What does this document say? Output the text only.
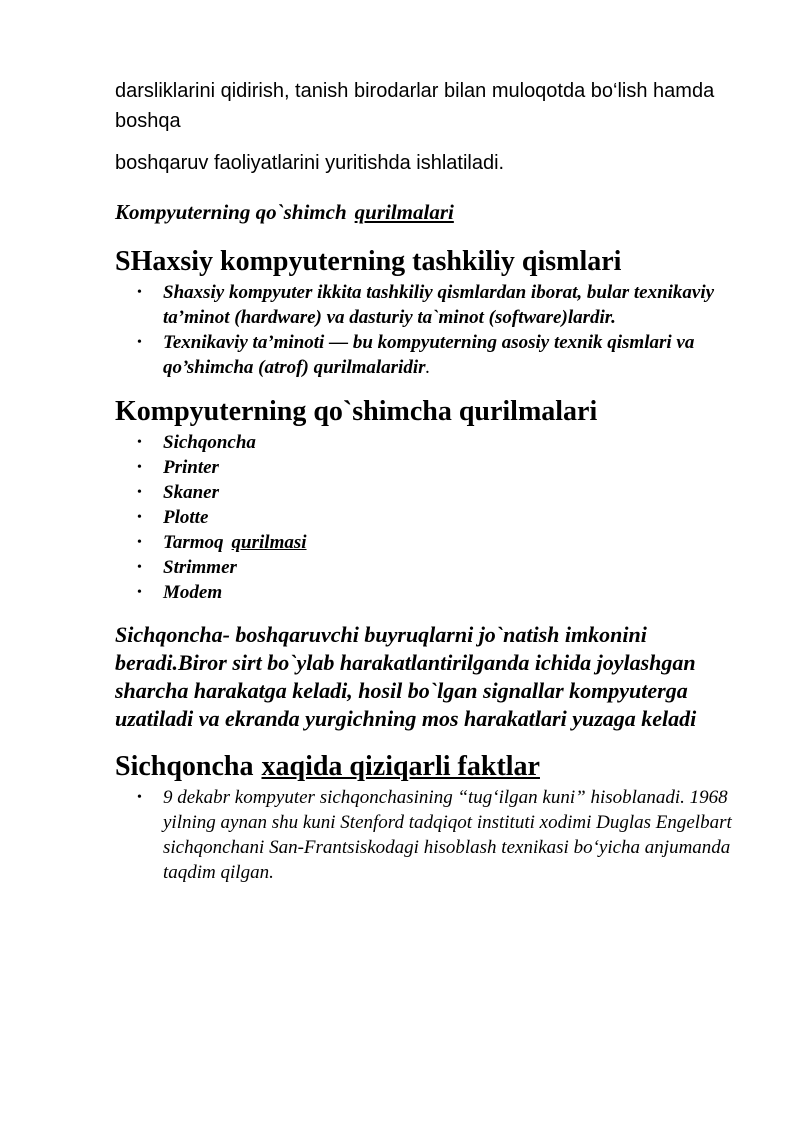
darsliklarini qidirish, tanish birodarlar bilan muloqotda bo‘lish hamda boshqa

boshqaruv faoliyatlarini yuritishda ishlatiladi.

Kompyuterning qo`shimch qurilmalari

SHaxsiy kompyuterning tashkiliy qismlari
• Shaxsiy kompyuter ikkita tashkiliy qismlardan iborat, bular texnikaviy ta’minot (hardware) va dasturiy ta`minot (software)lardir.
• Texnikaviy ta’minoti — bu kompyuterning asosiy texnik qismlari va qo’shimcha (atrof) qurilmalaridir.
Kompyuterning qo`shimcha qurilmalari
• Sichqoncha
• Printer
• Skaner
• Plotte
• Tarmoq qurilmasi
• Strimmer
• Modem

Sichqoncha- boshqaruvchi buyruqlarni jo`natish imkonini beradi.Biror sirt bo`ylab harakatlantirilganda ichida joylashgan sharcha harakatga keladi, hosil bo`lgan signallar kompyuterga uzatiladi va ekranda yurgichning mos harakatlari yuzaga keladi

Sichqoncha xaqida qiziqarli faktlar
• 9 dekabr kompyuter sichqonchasining “tug‘ilgan kuni” hisoblanadi. 1968 yilning aynan shu kuni Stenford tadqiqot instituti xodimi Duglas Engelbart sichqonchani San-Frantsiskodagi hisoblash texnikasi bo‘yicha anjumanda taqdim qilgan.
